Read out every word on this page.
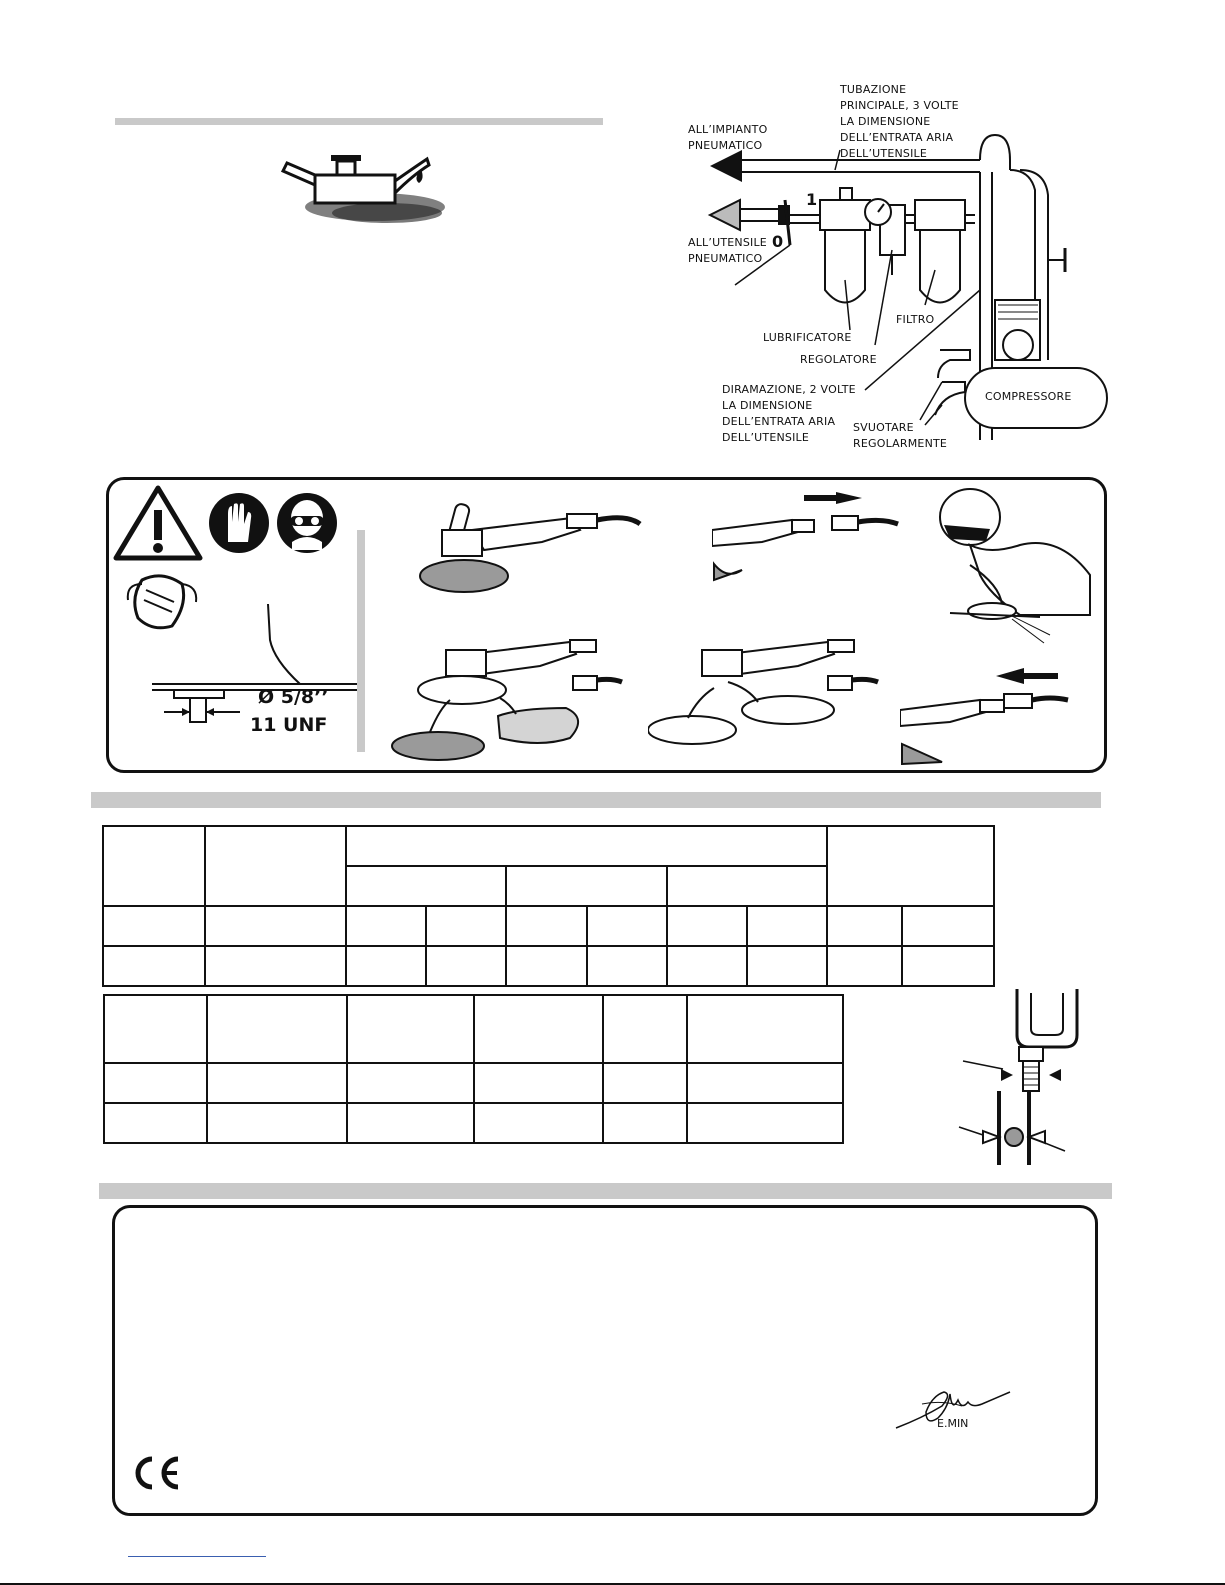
TUBAZIONE
PRINCIPALE, 3 VOLTE
LA DIMENSIONE
DELL’ENTRATA ARIA
DELL’UTENSILE
ALL’IMPIANTO
PNEUMATICO
ALL’UTENSILE
PNEUMATICO
1
0
LUBRIFICATORE
REGOLATORE
FILTRO
DIRAMAZIONE, 2 VOLTE
LA DIMENSIONE
DELL’ENTRATA ARIA
DELL’UTENSILE
COMPRESSORE
SVUOTARE
REGOLARMENTE
Ø 5/8’’
11 UNF

E.MIN
